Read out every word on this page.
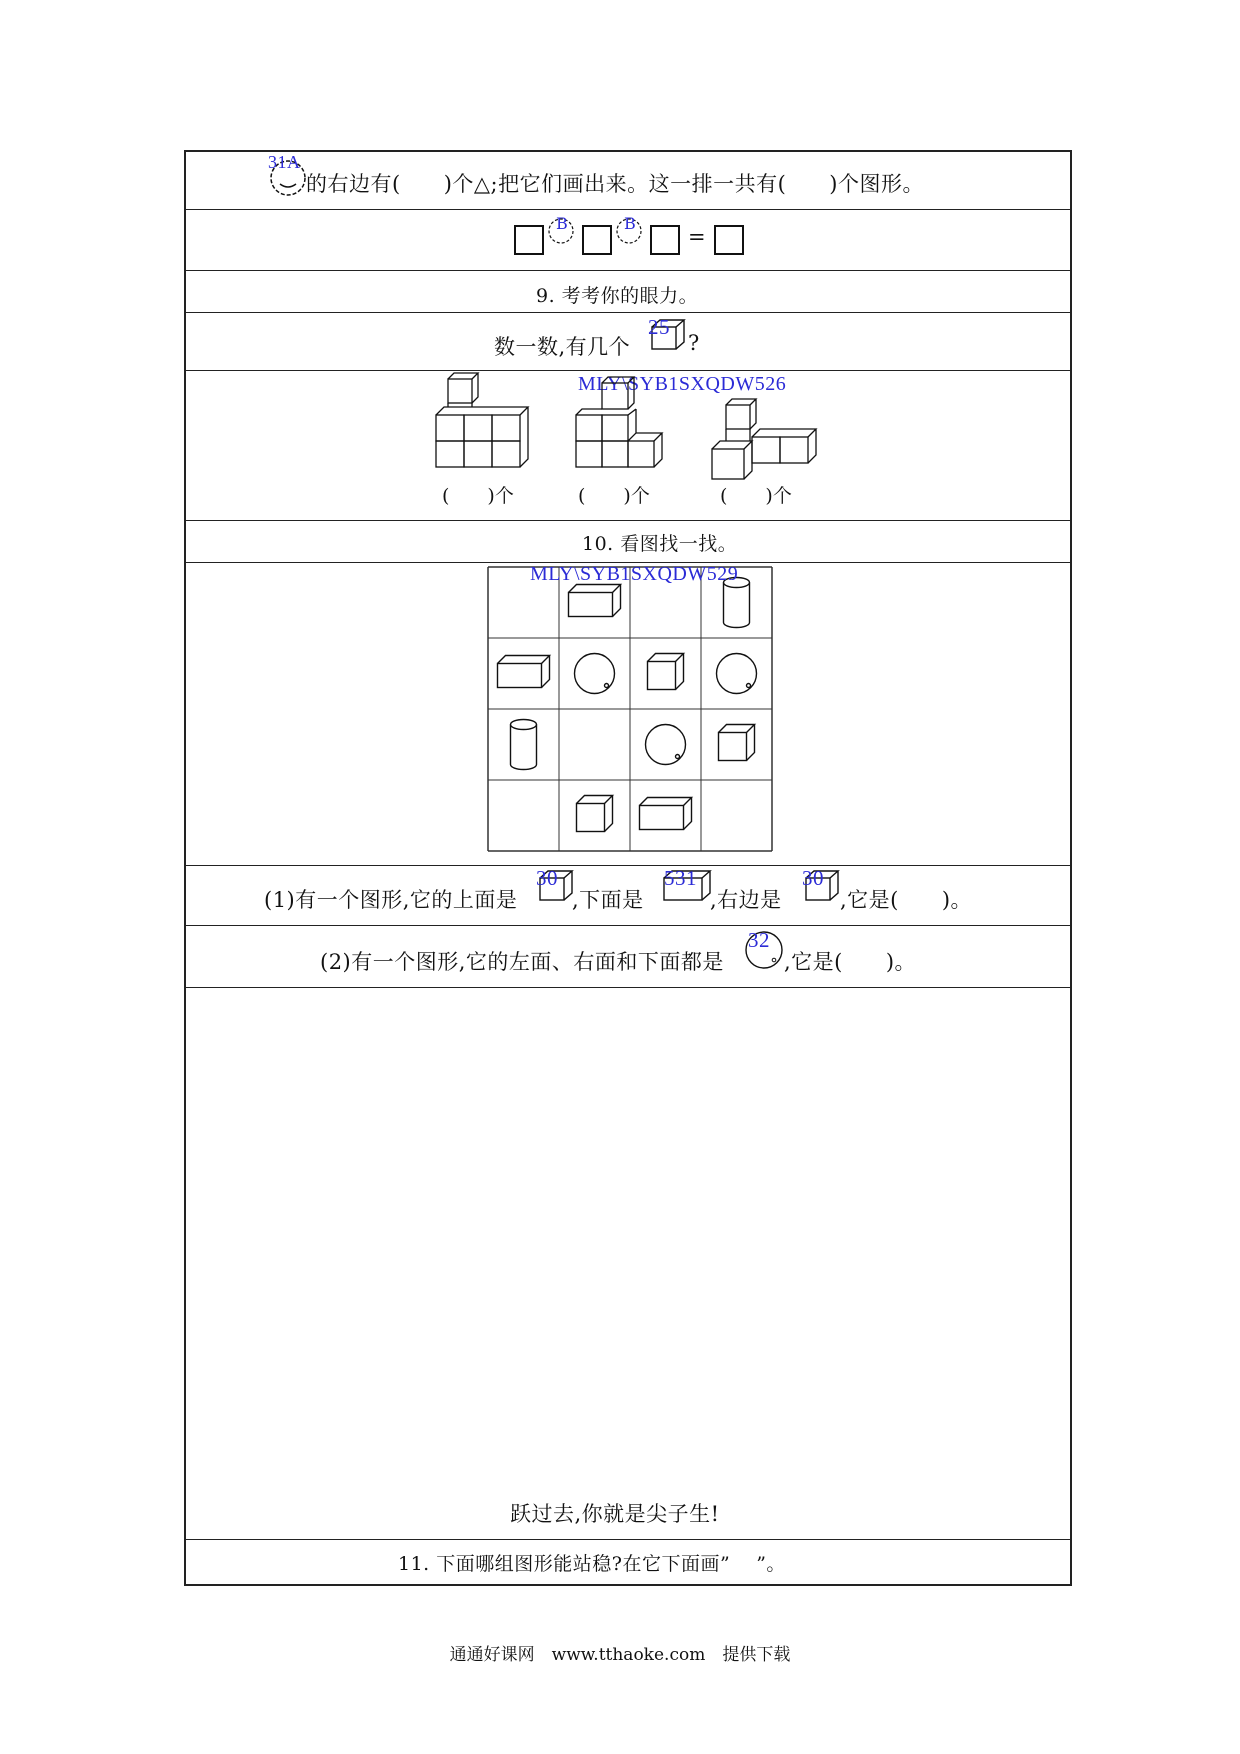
31A
的右边有(　　)个△;把它们画出来。这一排一共有(　　)个图形。
B	B
=
9. 考考你的眼力。
数一数,有几个
25
?
MLY\SYB1SXQDW526
(　　)个	(　　)个	(　　)个
10. 看图找一找。
MLY\SYB1SXQDW529
(1)有一个图形,它的上面是
30
,下面是
531
,右边是
30
,它是(　　)。
(2)有一个图形,它的左面、右面和下面都是
32
,它是(　　)。
跃过去,你就是尖子生!
11. 下面哪组图形能站稳?在它下面画”　 ”。
通通好课网　www.tthaoke.com　提供下载
